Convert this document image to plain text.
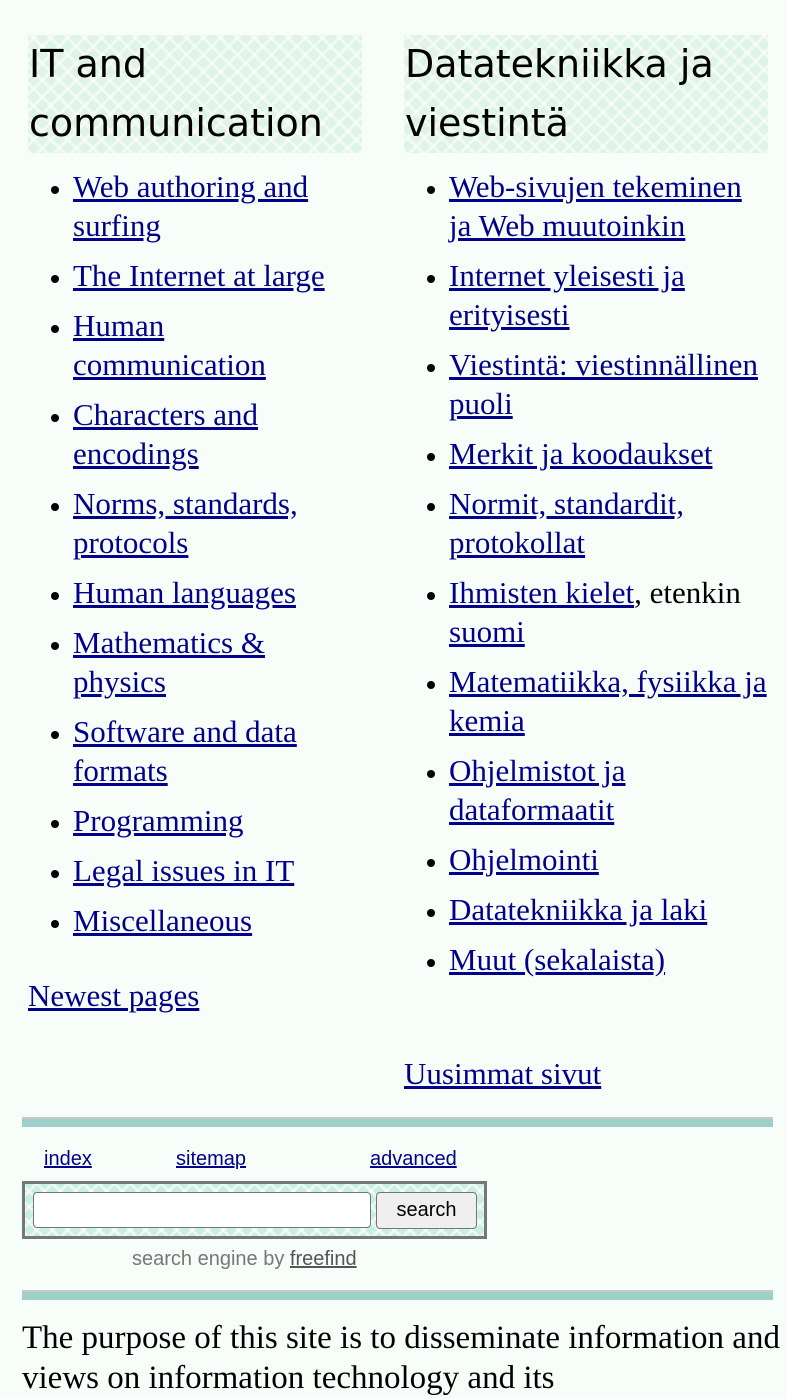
IT and communication
• Web authoring and surfing
• The Internet at large
• Human communication
• Characters and encodings
• Norms, standards, protocols
• Human languages
• Mathematics & physics
• Software and data formats
• Programming
• Legal issues in IT
• Miscellaneous
Newest pages
Datatekniikka ja viestintä
• Web-sivujen tekeminen ja Web muutoinkin
• Internet yleisesti ja erityisesti
• Viestintä: viestinnällinen puoli
• Merkit ja koodaukset
• Normit, standardit, protokollat
• Ihmisten kielet, etenkin suomi
• Matematiikka, fysiikka ja kemia
• Ohjelmistot ja dataformaatit
• Ohjelmointi
• Datatekniikka ja laki
• Muut (sekalaista)
Uusimmat sivut
index	sitemap	advanced
search
search engine by freefind

The purpose of this site is to disseminate information and views on information technology and its
